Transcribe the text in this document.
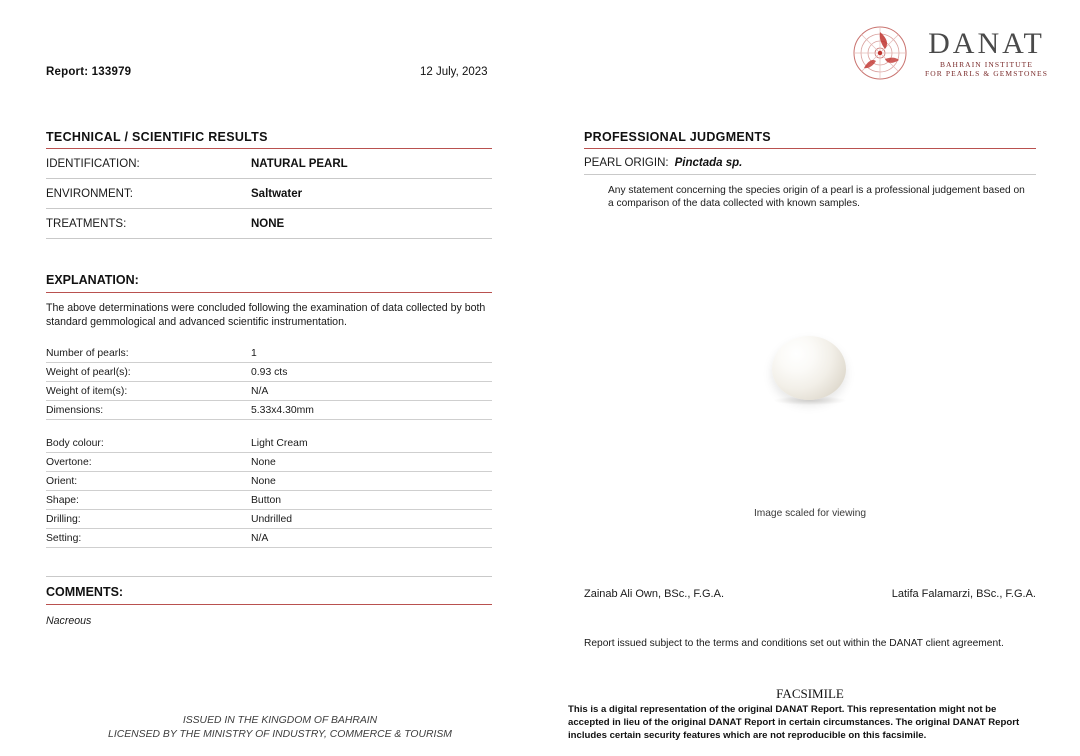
Report: 133979	12 July, 2023
DANAT
BAHRAIN INSTITUTE
FOR PEARLS & GEMSTONES
TECHNICAL / SCIENTIFIC RESULTS
IDENTIFICATION:	NATURAL PEARL
ENVIRONMENT:	Saltwater
TREATMENTS:	NONE
EXPLANATION:
The above determinations were concluded following the examination of data collected by both standard gemmological and advanced scientific instrumentation.
Number of pearls:	1
Weight of pearl(s):	0.93 cts
Weight of item(s):	N/A
Dimensions:	5.33x4.30mm
Body colour:	Light Cream
Overtone:	None
Orient:	None
Shape:	Button
Drilling:	Undrilled
Setting:	N/A
COMMENTS:
Nacreous
PROFESSIONAL JUDGMENTS
PEARL ORIGIN: Pinctada sp.
Any statement concerning the species origin of a pearl is a professional judgement based on a comparison of the data collected with known samples.
Image scaled for viewing
Zainab Ali Own, BSc., F.G.A.	Latifa Falamarzi, BSc., F.G.A.
Report issued subject to the terms and conditions set out within the DANAT client agreement.
FACSIMILE
This is a digital representation of the original DANAT Report. This representation might not be accepted in lieu of the original DANAT Report in certain circumstances. The original DANAT Report includes certain security features which are not reproducible on this facsimile.
ISSUED IN THE KINGDOM OF BAHRAIN
LICENSED BY THE MINISTRY OF INDUSTRY, COMMERCE & TOURISM
